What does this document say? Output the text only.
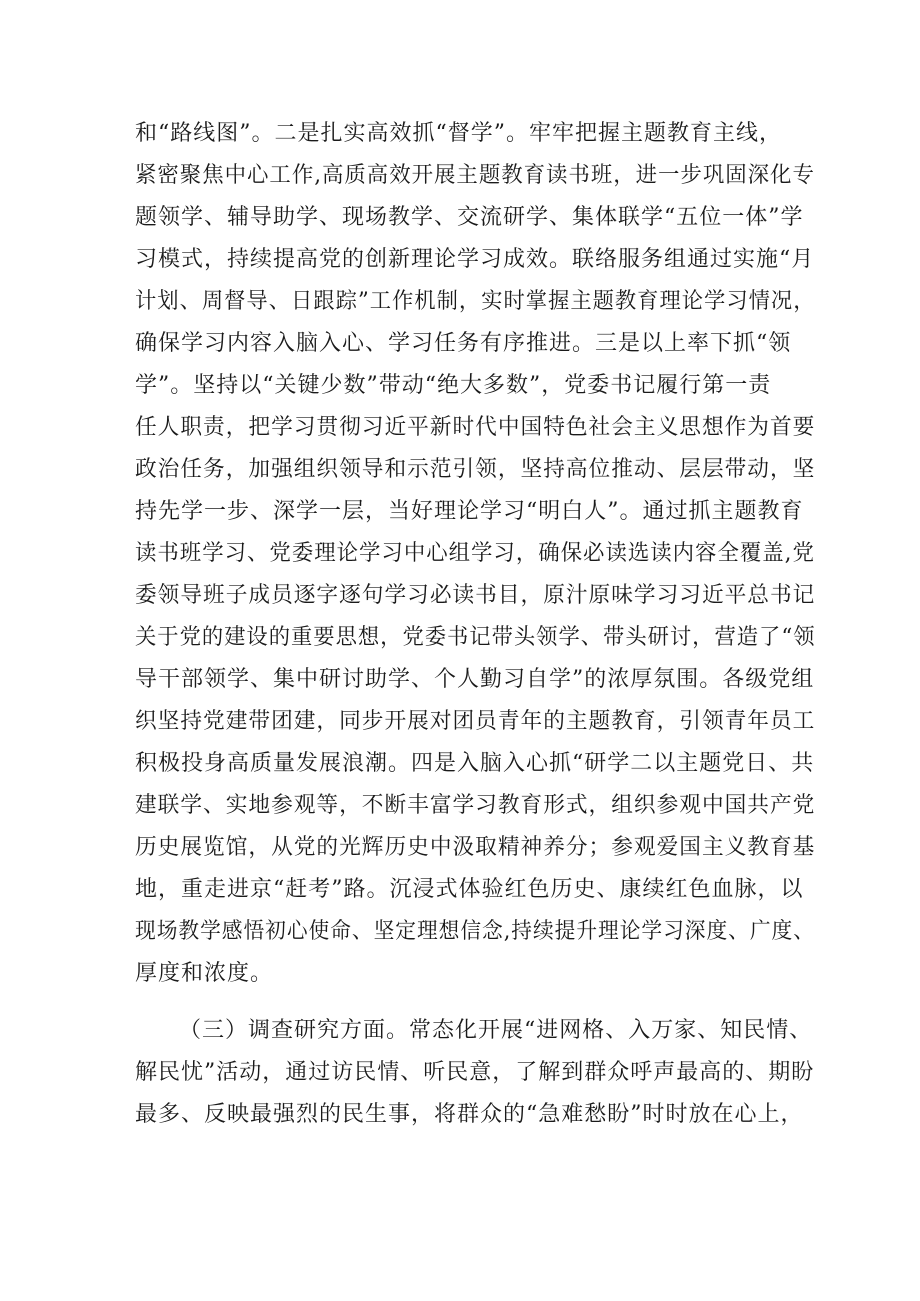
和“路线图”。二是扎实高效抓“督学”。牢牢把握主题教育主线，
紧密聚焦中心工作,高质高效开展主题教育读书班，进一步巩固深化专
题领学、辅导助学、现场教学、交流研学、集体联学“五位一体”学
习模式，持续提高党的创新理论学习成效。联络服务组通过实施“月
计划、周督导、日跟踪”工作机制，实时掌握主题教育理论学习情况，
确保学习内容入脑入心、学习任务有序推进。三是以上率下抓“领
学”。坚持以“关键少数”带动“绝大多数”，党委书记履行第一责
任人职责，把学习贯彻习近平新时代中国特色社会主义思想作为首要
政治任务，加强组织领导和示范引领，坚持高位推动、层层带动，坚
持先学一步、深学一层，当好理论学习“明白人”。通过抓主题教育
读书班学习、党委理论学习中心组学习，确保必读选读内容全覆盖,党
委领导班子成员逐字逐句学习必读书目，原汁原味学习习近平总书记
关于党的建设的重要思想，党委书记带头领学、带头研讨，营造了“领
导干部领学、集中研讨助学、个人勤习自学”的浓厚氛围。各级党组
织坚持党建带团建，同步开展对团员青年的主题教育，引领青年员工
积极投身高质量发展浪潮。四是入脑入心抓“研学二以主题党日、共
建联学、实地参观等，不断丰富学习教育形式，组织参观中国共产党
历史展览馆，从党的光辉历史中汲取精神养分；参观爱国主义教育基
地，重走进京“赶考”路。沉浸式体验红色历史、康续红色血脉，以
现场教学感悟初心使命、坚定理想信念,持续提升理论学习深度、广度、
厚度和浓度。
（三）调查研究方面。常态化开展“进网格、入万家、知民情、
解民忧”活动，通过访民情、听民意，了解到群众呼声最高的、期盼
最多、反映最强烈的民生事，将群众的“急难愁盼”时时放在心上，
